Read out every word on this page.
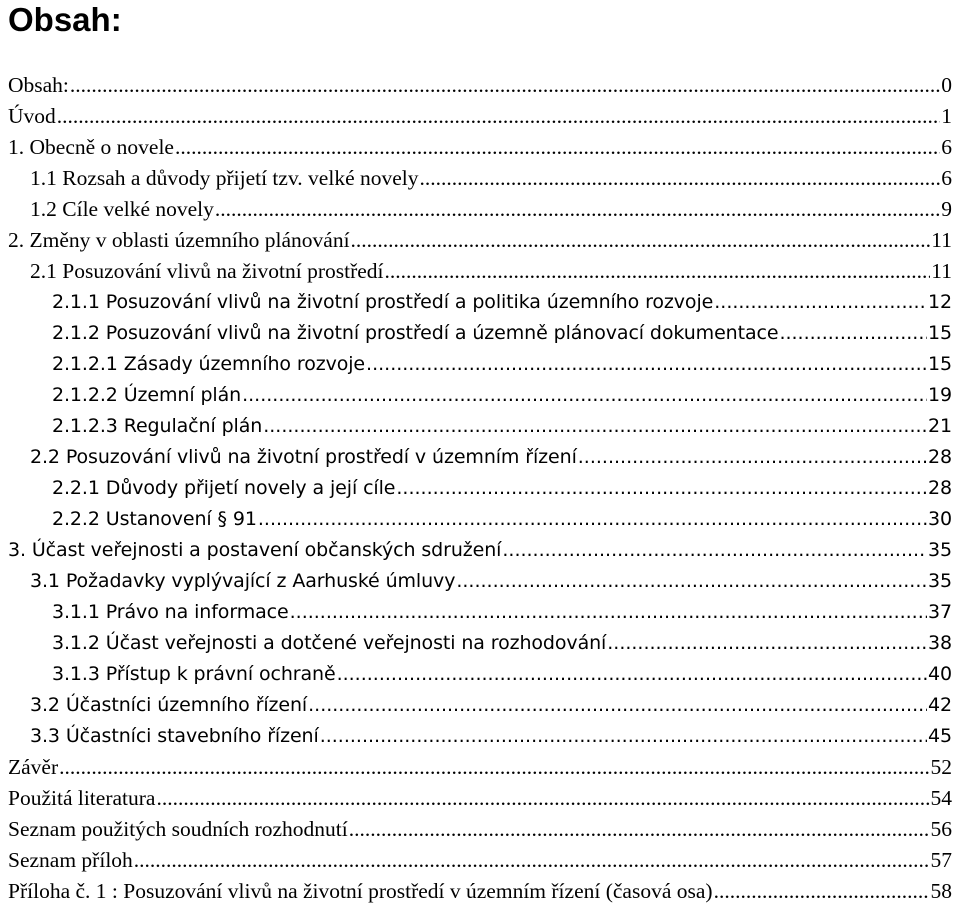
Obsah:
Obsah: .....	0
Úvod .....	1
1. Obecně o novele .....	6
1.1 Rozsah a důvody přijetí tzv. velké novely .....	6
1.2 Cíle velké novely .....	9
2. Změny v oblasti územního plánování .....	11
2.1 Posuzování vlivů na životní prostředí .....	11
2.1.1 Posuzování vlivů na životní prostředí a politika územního rozvoje .....	12
2.1.2 Posuzování vlivů na životní prostředí a územně plánovací dokumentace .....	15
2.1.2.1 Zásady územního rozvoje .....	15
2.1.2.2 Územní plán .....	19
2.1.2.3 Regulační plán .....	21
2.2 Posuzování vlivů na životní prostředí v územním řízení .....	28
2.2.1 Důvody přijetí novely a její cíle .....	28
2.2.2 Ustanovení § 91 .....	30
3. Účast veřejnosti a postavení občanských sdružení .....	35
3.1 Požadavky vyplývající z Aarhuské úmluvy .....	35
3.1.1 Právo na informace .....	37
3.1.2 Účast veřejnosti a dotčené veřejnosti na rozhodování .....	38
3.1.3 Přístup k právní ochraně .....	40
3.2 Účastníci územního řízení .....	42
3.3 Účastníci stavebního řízení .....	45
Závěr .....	52
Použitá literatura .....	54
Seznam použitých soudních rozhodnutí .....	56
Seznam příloh .....	57
Příloha č. 1 : Posuzování vlivů na životní prostředí v územním řízení (časová osa) .....	58
